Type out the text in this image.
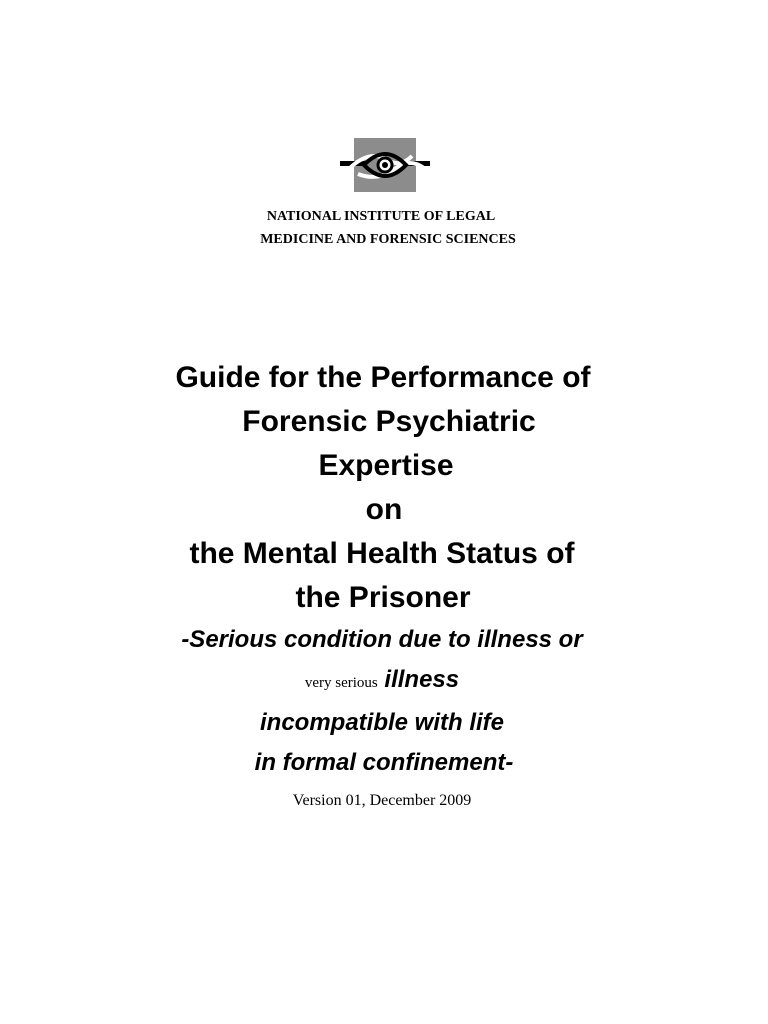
NATIONAL INSTITUTE OF LEGAL
MEDICINE AND FORENSIC SCIENCES
Guide for the Performance of
Forensic Psychiatric
Expertise
on
the Mental Health Status of
the Prisoner
-Serious condition due to illness or
very serious illness
incompatible with life
in formal confinement-
Version 01, December 2009
